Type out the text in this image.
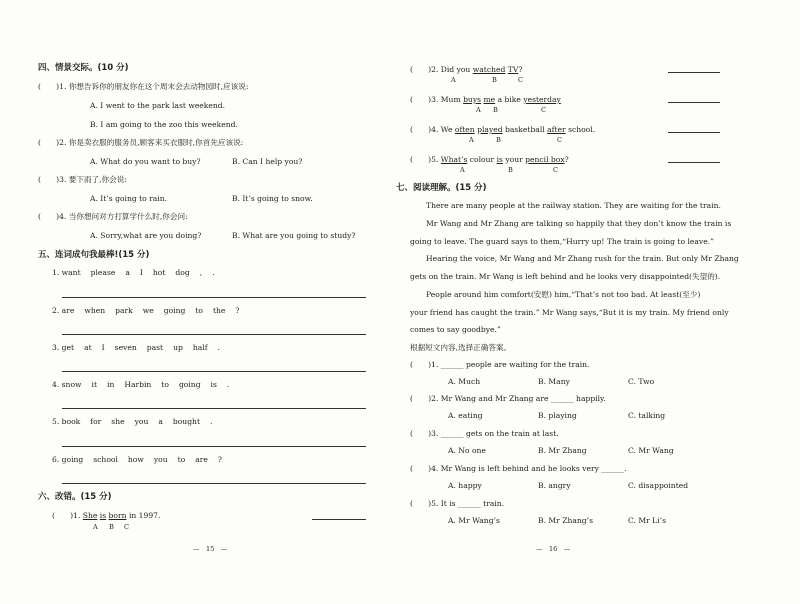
四、情景交际。(10 分)
(　　)1. 你想告诉你的朋友你在这个周末会去动物园时,应该说:
A. I went to the park last weekend.
B. I am going to the zoo this weekend.
(　　)2. 你是卖衣服的服务员,顾客来买衣服时,你首先应该说:
A. What do you want to buy?	B. Can I help you?
(　　)3. 要下雨了,你会说:
A. It’s going to rain.	B. It’s going to snow.
(　　)4. 当你想问对方打算学什么时,你会问:
A. Sorry,what are you doing?	B. What are you going to study?
五、连词成句我最棒!(15 分)
1. want　 please 　a　 I　 hot　 dog　 ,　 .
2. are　 when 　park　 we　 going　 to　 the　 ?
3. get　 at　 I　 seven　 past　 up　 half　 .
4. snow　 it　 in　 Harbin　 to　 going　 is　 .
5. book　 for　 she　 you　 a　 bought　 .
6. going　 school　 how　 you　 to　 are　 ?
六、改错。(15 分)
(　　)1. She is born in 1997.
A B C
—　15　—
(　　)2. Did you watched TV?
A	B	C
(　　)3. Mum buys me a bike yesterday
A B	C
(　　)4. We often played basketball after school.
A	B	C
(　　)5. What’s colour is your pencil box?
A	B	C
七、阅读理解。(15 分)
There are many people at the railway station. They are waiting for the train.
Mr Wang and Mr Zhang are talking so happily that they don’t know the train is
going to leave. The guard says to them,“Hurry up! The train is going to leave.”
Hearing the voice, Mr Wang and Mr Zhang rush for the train. But only Mr Zhang
gets on the train. Mr Wang is left behind and he looks very disappointed(失望的).
People around him comfort(安慰) him,“That’s not too bad. At least(至少)
your friend has caught the train.” Mr Wang says,“But it is my train. My friend only
comes to say goodbye.”
根据短文内容,选择正确答案。
(　　)1. ______ people are waiting for the train.
A. Much	B. Many	C. Two
(　　)2. Mr Wang and Mr Zhang are ______ happily.
A. eating	B. playing	C. talking
(　　)3. ______ gets on the train at last.
A. No one	B. Mr Zhang	C. Mr Wang
(　　)4. Mr Wang is left behind and he looks very ______.
A. happy	B. angry	C. disappointed
(　　)5. It is ______ train.
A. Mr Wang’s	B. Mr Zhang’s	C. Mr Li’s
—　16　—
